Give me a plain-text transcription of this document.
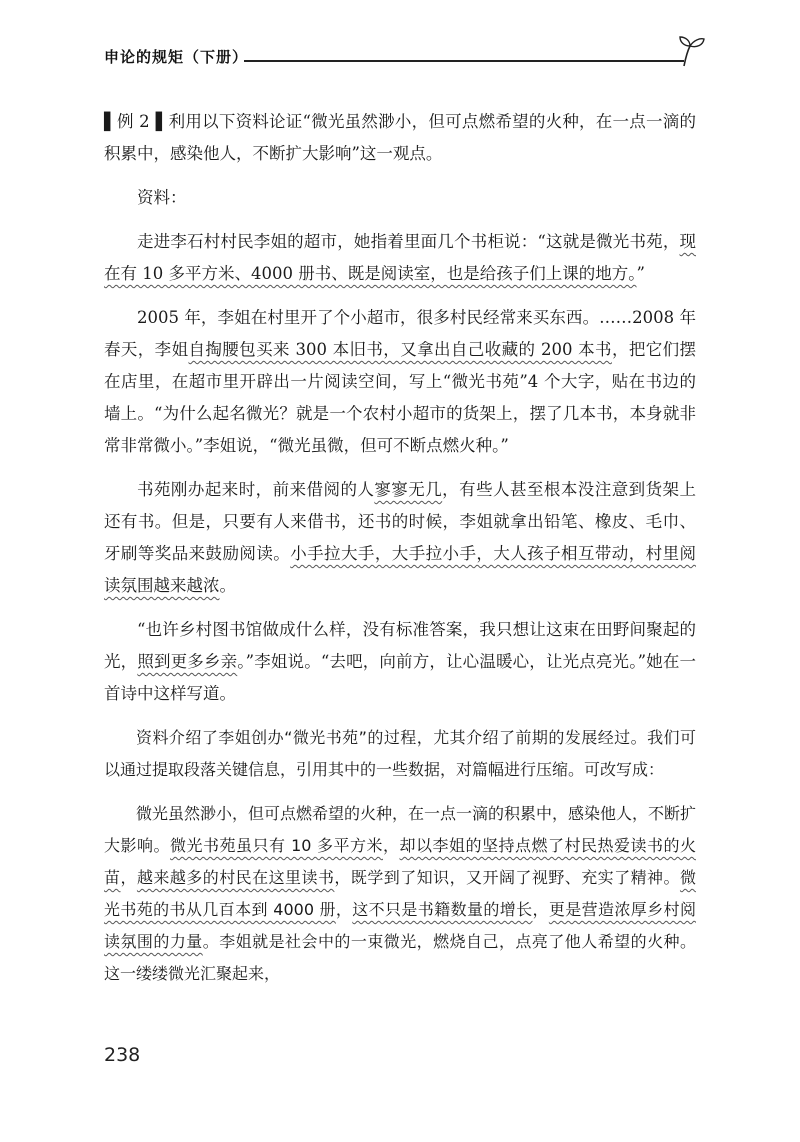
申论的规矩（下册）

▌例 2 ▌利用以下资料论证“微光虽然渺小，但可点燃希望的火种，在一点一滴的积累中，感染他人，不断扩大影响”这一观点。

资料：

走进李石村村民李姐的超市，她指着里面几个书柜说：“这就是微光书苑，现在有 10 多平方米、4000 册书、既是阅读室，也是给孩子们上课的地方。”

2005 年，李姐在村里开了个小超市，很多村民经常来买东西。……2008 年春天，李姐自掏腰包买来 300 本旧书，又拿出自己收藏的 200 本书，把它们摆在店里，在超市里开辟出一片阅读空间，写上“微光书苑”4 个大字，贴在书边的墙上。“为什么起名微光？就是一个农村小超市的货架上，摆了几本书，本身就非常非常微小。”李姐说，“微光虽微，但可不断点燃火种。”

书苑刚办起来时，前来借阅的人寥寥无几，有些人甚至根本没注意到货架上还有书。但是，只要有人来借书，还书的时候，李姐就拿出铅笔、橡皮、毛巾、牙刷等奖品来鼓励阅读。小手拉大手，大手拉小手，大人孩子相互带动，村里阅读氛围越来越浓。

“也许乡村图书馆做成什么样，没有标准答案，我只想让这束在田野间聚起的光，照到更多乡亲。”李姐说。“去吧，向前方，让心温暖心，让光点亮光。”她在一首诗中这样写道。

资料介绍了李姐创办“微光书苑”的过程，尤其介绍了前期的发展经过。我们可以通过提取段落关键信息，引用其中的一些数据，对篇幅进行压缩。可改写成：

微光虽然渺小，但可点燃希望的火种，在一点一滴的积累中，感染他人，不断扩大影响。微光书苑虽只有 10 多平方米，却以李姐的坚持点燃了村民热爱读书的火苗，越来越多的村民在这里读书，既学到了知识，又开阔了视野、充实了精神。微光书苑的书从几百本到 4000 册，这不只是书籍数量的增长，更是营造浓厚乡村阅读氛围的力量。李姐就是社会中的一束微光，燃烧自己，点亮了他人希望的火种。这一缕缕微光汇聚起来，

238
